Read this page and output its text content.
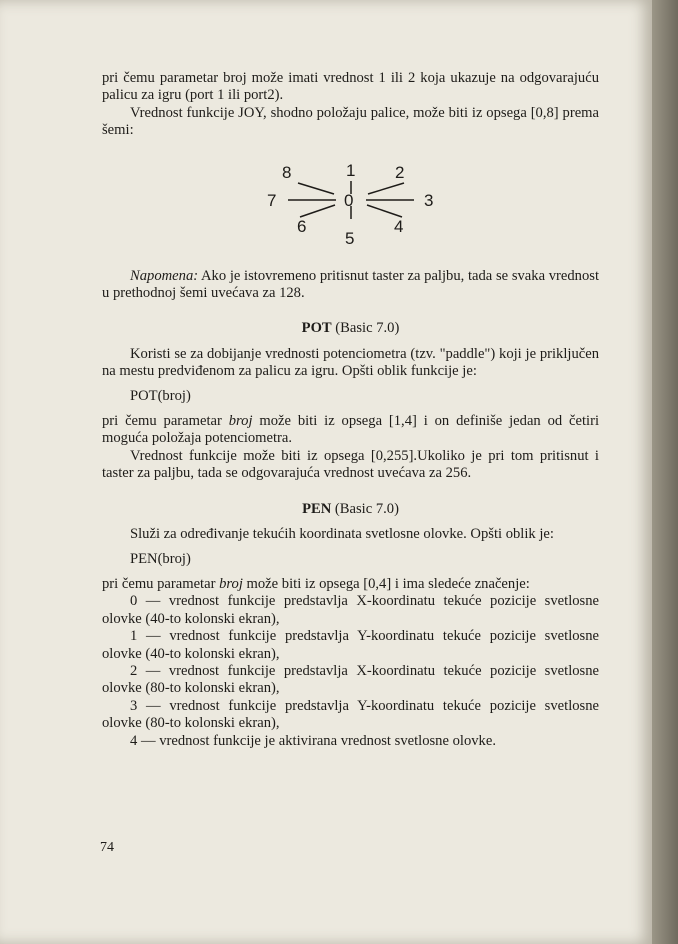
pri čemu parametar broj može imati vrednost 1 ili 2 koja ukazuje na odgovarajuću palicu za igru (port 1 ili port2).

Vrednost funkcije JOY, shodno položaju palice, može biti iz opsega [0,8] prema šemi:

0
1 2
3
4
5
6
7
8

Napomena: Ako je istovremeno pritisnut taster za paljbu, tada se svaka vrednost u prethodnoj šemi uvećava za 128.

POT (Basic 7.0)

Koristi se za dobijanje vrednosti potenciometra (tzv. "paddle") koji je priključen na mestu predviđenom za palicu za igru. Opšti oblik funkcije je:

POT(broj)

pri čemu parametar broj može biti iz opsega [1,4] i on definiše jedan od četiri moguća položaja potenciometra.

Vrednost funkcije može biti iz opsega [0,255].Ukoliko je pri tom pritisnut i taster za paljbu, tada se odgovarajuća vrednost uvećava za 256.

PEN (Basic 7.0)

Služi za određivanje tekućih koordinata svetlosne olovke. Opšti oblik je:

PEN(broj)

pri čemu parametar broj može biti iz opsega [0,4] i ima sledeće značenje:

0 — vrednost funkcije predstavlja X-koordinatu tekuće pozicije svetlosne olovke (40-to kolonski ekran),

1 — vrednost funkcije predstavlja Y-koordinatu tekuće pozicije svetlosne olovke (40-to kolonski ekran),

2 — vrednost funkcije predstavlja X-koordinatu tekuće pozicije svetlosne olovke (80-to kolonski ekran),

3 — vrednost funkcije predstavlja Y-koordinatu tekuće pozicije svetlosne olovke (80-to kolonski ekran),

4 — vrednost funkcije je aktivirana vrednost svetlosne olovke.

74
